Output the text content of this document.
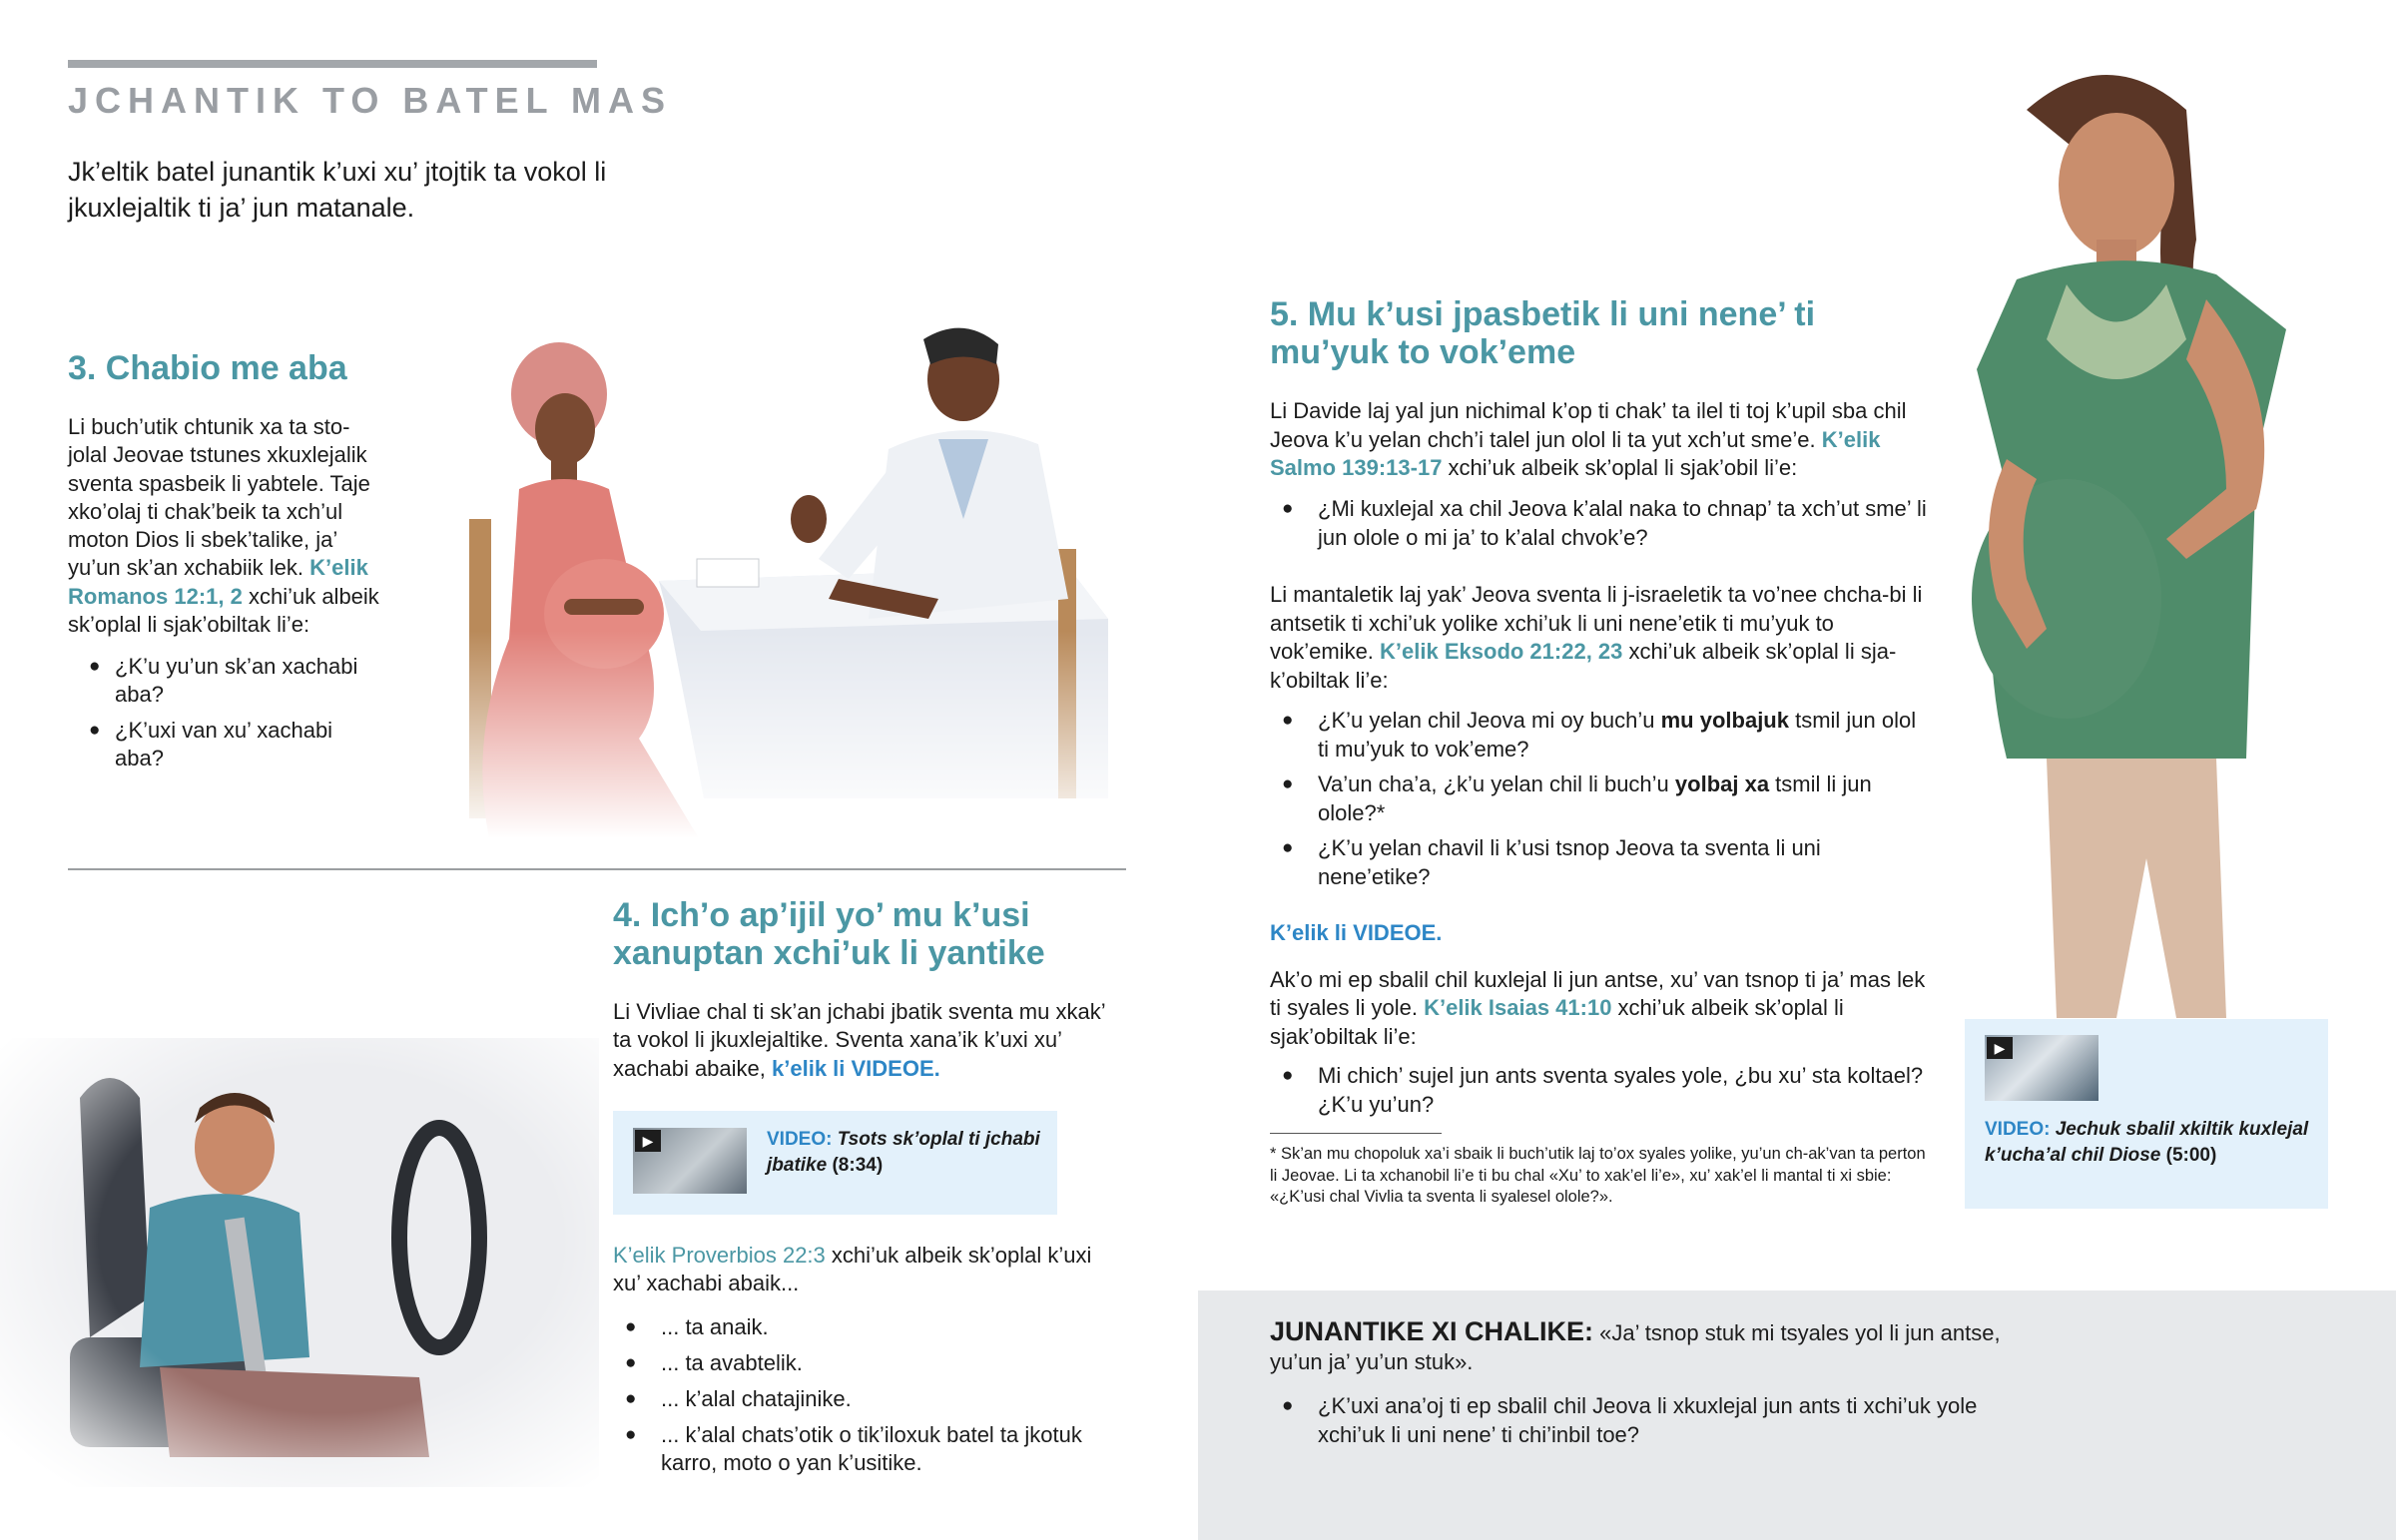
JCHANTIK TO BATEL MAS

Jk’eltik batel junantik k’uxi xu’ jtojtik ta vokol li jkuxlejaltik ti ja’ jun matanale.

3. Chabio me aba

Li buch’utik chtunik xa ta sto-jolal Jeovae tstunes xkuxlejalik sventa spasbeik li yabtele. Taje xko’olaj ti chak’beik ta xch’ul moton Dios li sbek’talike, ja’ yu’un sk’an xchabiik lek. K’elik Romanos 12:1, 2 xchi’uk albeik sk’oplal li sjak’obiltak li’e:

● ¿K’u yu’un sk’an xachabi aba?
● ¿K’uxi van xu’ xachabi aba?
4. Ich’o ap’ijil yo’ mu k’usi xanuptan xchi’uk li yantike

Li Vivliae chal ti sk’an jchabi jbatik sventa mu xkak’ ta vokol li jkuxlejaltike. Sventa xana’ik k’uxi xu’ xachabi abaike, k’elik li VIDEOE.

▶	VIDEO: Tsots sk’oplal ti jchabi jbatike (8:34)

K’elik Proverbios 22:3 xchi’uk albeik sk’oplal k’uxi xu’ xachabi abaik...

● ... ta anaik.
● ... ta avabtelik.
● ... k’alal chatajinike.
● ... k’alal chats’otik o tik’iloxuk batel ta jkotuk karro, moto o yan k’usitike.
5. Mu k’usi jpasbetik li uni nene’ ti mu’yuk to vok’eme

Li Davide laj yal jun nichimal k’op ti chak’ ta ilel ti toj k’upil sba chil Jeova k’u yelan chch’i talel jun olol li ta yut xch’ut sme’e. K’elik Salmo 139:13-17 xchi’uk albeik sk’oplal li sjak’obil li’e:

● ¿Mi kuxlejal xa chil Jeova k’alal naka to chnap’ ta xch’ut sme’ li jun olole o mi ja’ to k’alal chvok’e?

Li mantaletik laj yak’ Jeova sventa li j-israeletik ta vo’nee chcha-bi li antsetik ti xchi’uk yolike xchi’uk li uni nene’etik ti mu’yuk to vok’emike. K’elik Eksodo 21:22, 23 xchi’uk albeik sk’oplal li sja-k’obiltak li’e:

● ¿K’u yelan chil Jeova mi oy buch’u mu yolbajuk tsmil jun olol ti mu’yuk to vok’eme?
● Va’un cha’a, ¿k’u yelan chil li buch’u yolbaj xa tsmil li jun olole?*
● ¿K’u yelan chavil li k’usi tsnop Jeova ta sventa li uni nene’etike?
K’elik li VIDEOE.

Ak’o mi ep sbalil chil kuxlejal li jun antse, xu’ van tsnop ti ja’ mas lek ti syales li yole. K’elik Isaias 41:10 xchi’uk albeik sk’oplal li sjak’obiltak li’e:

● Mi chich’ sujel jun ants sventa syales yole, ¿bu xu’ sta koltael? ¿K’u yu’un?

* Sk’an mu chopoluk xa’i sbaik li buch’utik laj to’ox syales yolike, yu’un ch-ak’van ta perton li Jeovae. Li ta xchanobil li’e ti bu chal «Xu’ to xak’el li’e», xu’ xak’el li mantal ti xi sbie: «¿K’usi chal Vivlia ta sventa li syalesel olole?».

▶
VIDEO: Jechuk sbalil xkiltik kuxlejal k’ucha’al chil Diose (5:00)

JUNANTIKE XI CHALIKE: «Ja’ tsnop stuk mi tsyales yol li jun antse, yu’un ja’ yu’un stuk».

● ¿K’uxi ana’oj ti ep sbalil chil Jeova li xkuxlejal jun ants ti xchi’uk yole xchi’uk li uni nene’ ti chi’inbil toe?
